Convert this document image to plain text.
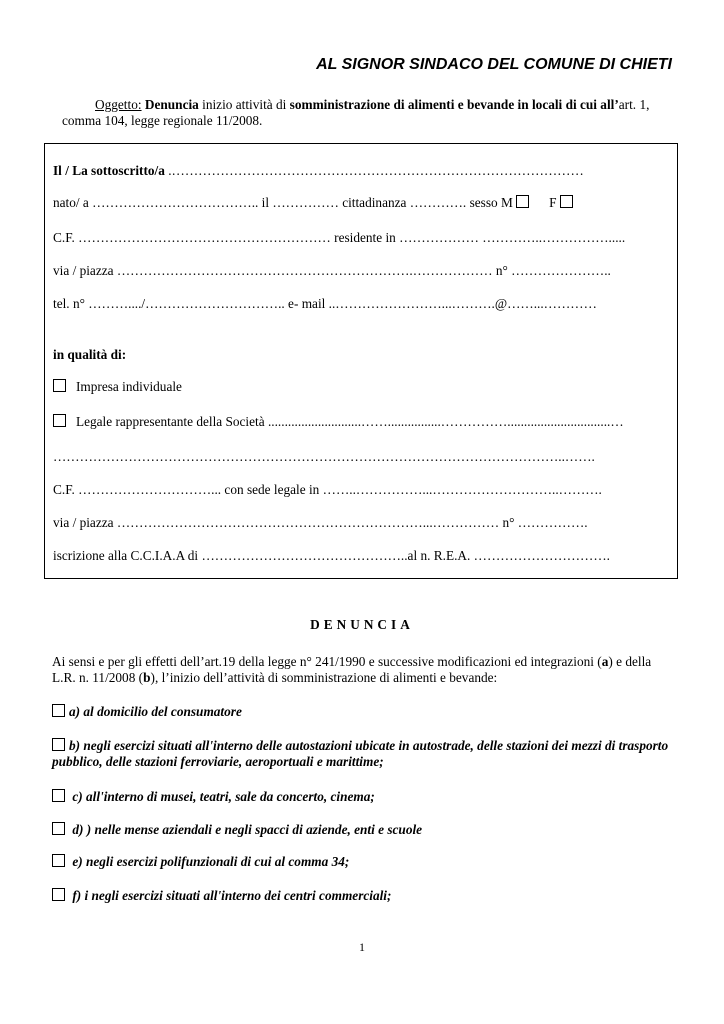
AL SIGNOR SINDACO DEL COMUNE DI CHIETI
Oggetto: Denuncia inizio attività di somministrazione di alimenti e bevande in locali di cui all’art. 1, comma 104, legge regionale 11/2008.
Il / La sottoscritto/a .…………………………………………………………………………………
nato/ a ……………………………….. il …………… cittadinanza …………. sesso M	F
C.F. ………………………………………………… residente in ……………… …………..…………….....
via / piazza ………………………………………………………….……………… n° …………………..
tel. n° ………..../………………………….. e- mail ..……………………...……….@……...…………
in qualità di:
Impresa individuale
Legale rappresentante della Società ............................……................……………...............................…
……………………………………………………………………………………………………..…….
C.F. …………………………... con sede legale in ……..……………...………………………..……….
via / piazza ……………………………………………………………...…………… n° …………….
iscrizione alla C.C.I.A.A di ………………………………………..al n. R.E.A. ………………………….
DENUNCIA
Ai sensi e per gli effetti dell’art.19 della legge n° 241/1990 e successive modificazioni ed integrazioni (a) e della L.R. n. 11/2008 (b), l’inizio dell’attività di somministrazione di alimenti e bevande:
a) al domicilio del consumatore
b) negli esercizi situati all'interno delle autostazioni ubicate in autostrade, delle stazioni dei mezzi di trasporto pubblico, delle stazioni ferroviarie, aeroportuali e marittime;
c) all'interno di musei, teatri, sale da concerto, cinema;
d) ) nelle mense aziendali e negli spacci di aziende, enti e scuole
e) negli esercizi polifunzionali di cui al comma 34;
f) i negli esercizi situati all'interno dei centri commerciali;
1
